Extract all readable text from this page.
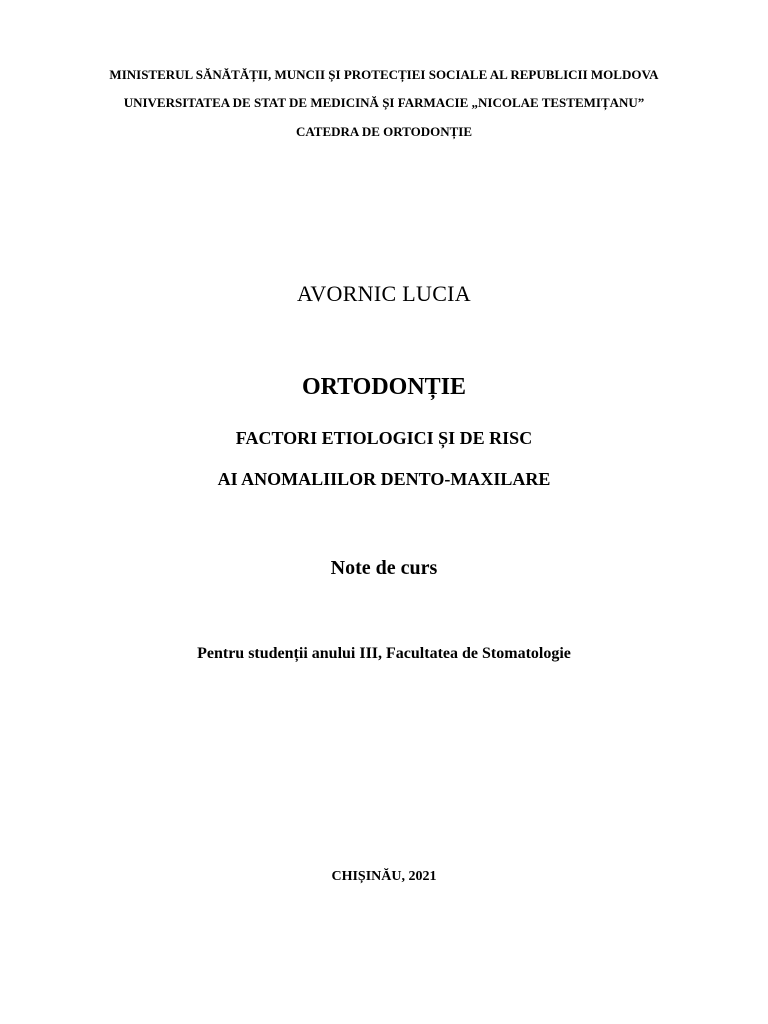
MINISTERUL SĂNĂTĂȚII, MUNCII ȘI PROTECȚIEI SOCIALE AL REPUBLICII MOLDOVA
UNIVERSITATEA DE STAT DE MEDICINĂ ȘI FARMACIE „NICOLAE TESTEMIȚANU”
CATEDRA DE ORTODONȚIE
AVORNIC LUCIA
ORTODONȚIE
FACTORI ETIOLOGICI ȘI DE RISC
AI ANOMALIILOR DENTO-MAXILARE
Note de curs
Pentru studenții anului III, Facultatea de Stomatologie
CHIȘINĂU, 2021
